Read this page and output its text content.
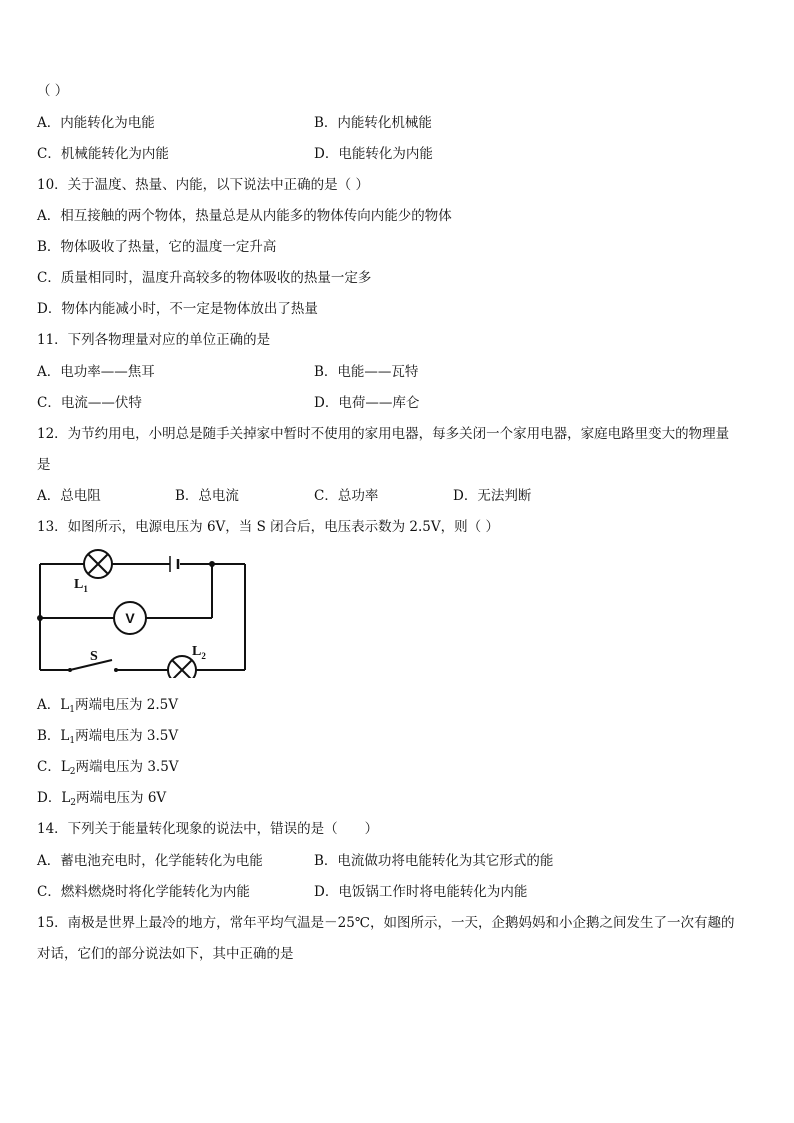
（ ）
A．内能转化为电能	B．内能转化机械能
C．机械能转化为内能	D．电能转化为内能
10．关于温度、热量、内能，以下说法中正确的是（ ）
A．相互接触的两个物体，热量总是从内能多的物体传向内能少的物体
B．物体吸收了热量，它的温度一定升高
C．质量相同时，温度升高较多的物体吸收的热量一定多
D．物体内能减小时，不一定是物体放出了热量
11．下列各物理量对应的单位正确的是
A．电功率——焦耳	B．电能——瓦特
C．电流——伏特	D．电荷——库仑
12．为节约用电，小明总是随手关掉家中暂时不使用的家用电器，每多关闭一个家用电器，家庭电路里变大的物理量
是
A．总电阻	B．总电流	C．总功率	D．无法判断
13．如图所示，电源电压为 6V，当 S 闭合后，电压表示数为 2.5V，则（ ）
V
$L_1$
S	$L_2$
A．$L_1$两端电压为 2.5V
B．$L_1$两端电压为 3.5V
C．$L_2$两端电压为 3.5V
D．$L_2$两端电压为 6V
14．下列关于能量转化现象的说法中，错误的是（　　）
A．蓄电池充电时，化学能转化为电能	B．电流做功将电能转化为其它形式的能
C．燃料燃烧时将化学能转化为内能	D．电饭锅工作时将电能转化为内能
15．南极是世界上最冷的地方，常年平均气温是－25℃，如图所示，一天，企鹅妈妈和小企鹅之间发生了一次有趣的
对话，它们的部分说法如下，其中正确的是
